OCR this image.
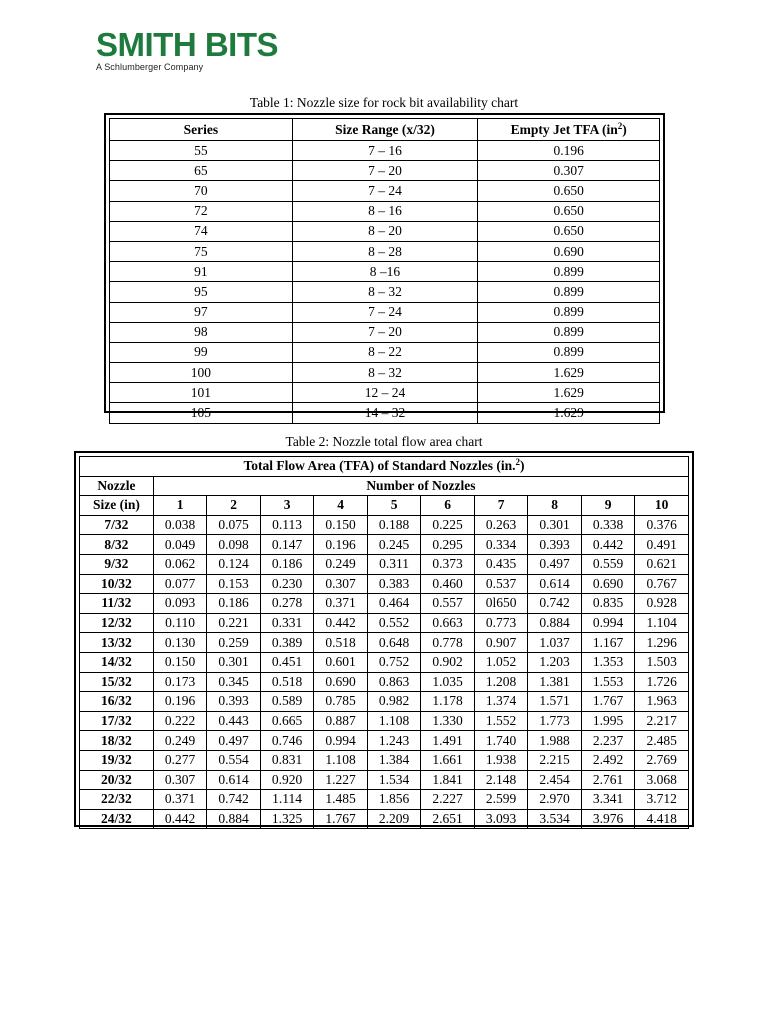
SMITH BITS
A Schlumberger Company
Table 1: Nozzle size for rock bit availability chart
Series	Size Range (x/32)	Empty Jet TFA $(in^2)$
55	7 – 16	0.196
65	7 – 20	0.307
70	7 – 24	0.650
72	8 – 16	0.650
74	8 – 20	0.650
75	8 – 28	0.690
91	8 –16	0.899
95	8 – 32	0.899
97	7 – 24	0.899
98	7 – 20	0.899
99	8 – 22	0.899
100	8 – 32	1.629
101	12 – 24	1.629
105	14 – 32	1.629
Table 2: Nozzle total flow area chart
Total Flow Area (TFA) of Standard Nozzles (in.$^2$)										
Nozzle	Number of Nozzles									
Size (in)	1	2	3	4	5	6	7	8	9	10
7/32	0.038	0.075	0.113	0.150	0.188	0.225	0.263	0.301	0.338	0.376
8/32	0.049	0.098	0.147	0.196	0.245	0.295	0.334	0.393	0.442	0.491
9/32	0.062	0.124	0.186	0.249	0.311	0.373	0.435	0.497	0.559	0.621
10/32	0.077	0.153	0.230	0.307	0.383	0.460	0.537	0.614	0.690	0.767
11/32	0.093	0.186	0.278	0.371	0.464	0.557	0l650	0.742	0.835	0.928
12/32	0.110	0.221	0.331	0.442	0.552	0.663	0.773	0.884	0.994	1.104
13/32	0.130	0.259	0.389	0.518	0.648	0.778	0.907	1.037	1.167	1.296
14/32	0.150	0.301	0.451	0.601	0.752	0.902	1.052	1.203	1.353	1.503
15/32	0.173	0.345	0.518	0.690	0.863	1.035	1.208	1.381	1.553	1.726
16/32	0.196	0.393	0.589	0.785	0.982	1.178	1.374	1.571	1.767	1.963
17/32	0.222	0.443	0.665	0.887	1.108	1.330	1.552	1.773	1.995	2.217
18/32	0.249	0.497	0.746	0.994	1.243	1.491	1.740	1.988	2.237	2.485
19/32	0.277	0.554	0.831	1.108	1.384	1.661	1.938	2.215	2.492	2.769
20/32	0.307	0.614	0.920	1.227	1.534	1.841	2.148	2.454	2.761	3.068
22/32	0.371	0.742	1.114	1.485	1.856	2.227	2.599	2.970	3.341	3.712
24/32	0.442	0.884	1.325	1.767	2.209	2.651	3.093	3.534	3.976	4.418
